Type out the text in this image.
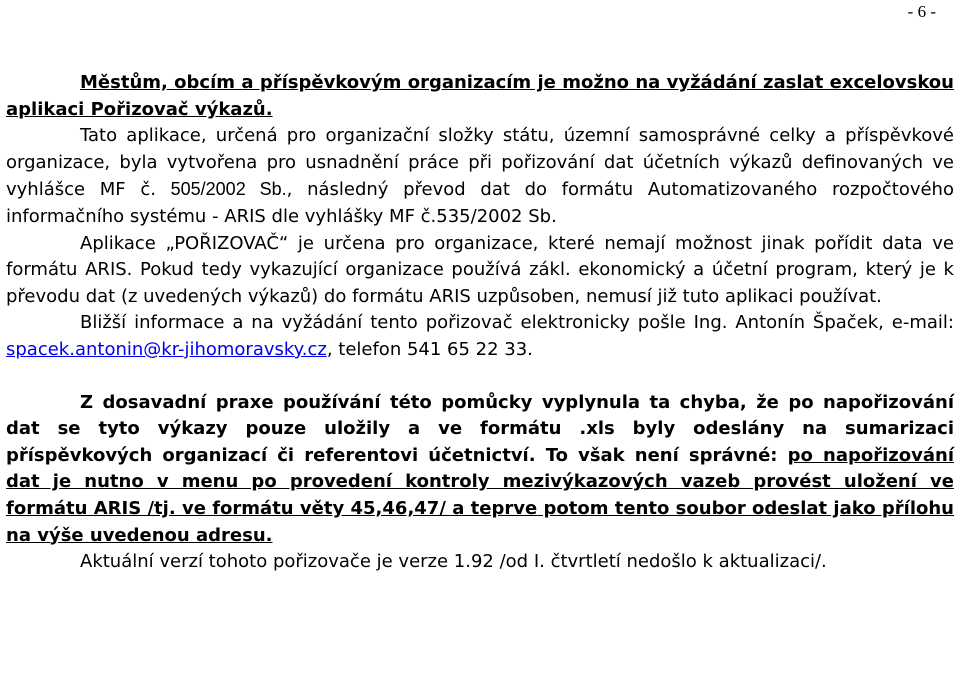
- 6 -

Městům, obcím a příspěvkovým organizacím je možno na vyžádání zaslat excelovskou aplikaci Pořizovač výkazů.

Tato aplikace, určená pro organizační složky státu, územní samosprávné celky a příspěvkové organizace, byla vytvořena pro usnadnění práce při pořizování dat účetních výkazů definovaných ve vyhlášce MF č. 505/2002 Sb., následný převod dat do formátu Automatizovaného rozpočtového informačního systému - ARIS dle vyhlášky MF č.535/2002 Sb.

Aplikace „POŘIZOVAČ“ je určena pro organizace, které nemají možnost jinak pořídit data ve formátu ARIS. Pokud tedy vykazující organizace používá zákl. ekonomický a účetní program, který je k převodu dat (z uvedených výkazů) do formátu ARIS uzpůsoben, nemusí již tuto aplikaci používat.

Bližší informace a na vyžádání tento pořizovač elektronicky pošle Ing. Antonín Špaček, e-mail: spacek.antonin@kr-jihomoravsky.cz, telefon 541 65 22 33.

Z dosavadní praxe používání této pomůcky vyplynula ta chyba, že po napořizování dat se tyto výkazy pouze uložily a ve formátu .xls byly odeslány na sumarizaci příspěvkových organizací či referentovi účetnictví. To však není správné: po napořizování dat je nutno v menu po provedení kontroly mezivýkazových vazeb provést uložení ve formátu ARIS /tj. ve formátu věty 45,46,47/ a teprve potom tento soubor odeslat jako přílohu na výše uvedenou adresu.

Aktuální verzí tohoto pořizovače je verze 1.92 /od I. čtvrtletí nedošlo k aktualizaci/.
